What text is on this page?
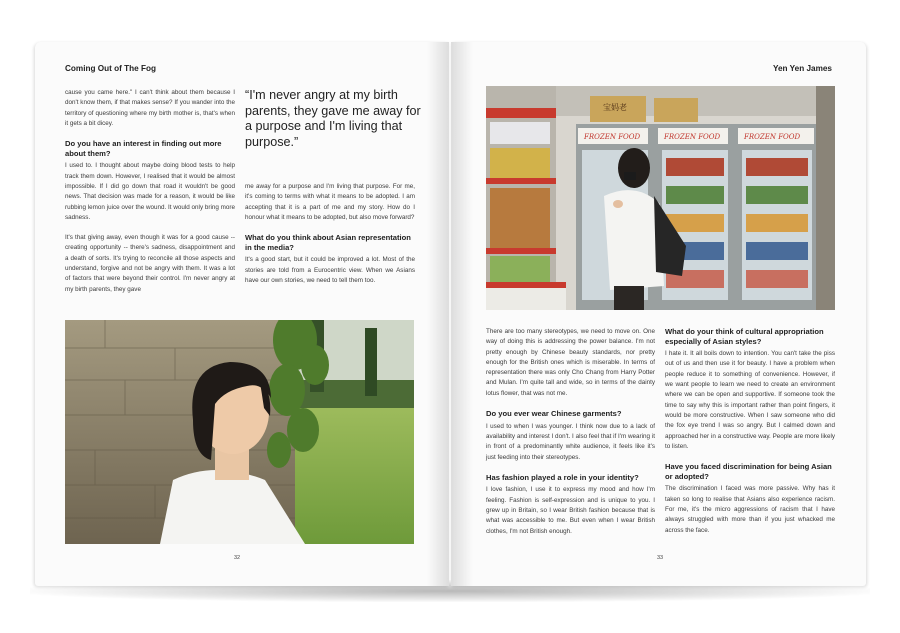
Coming Out of The Fog

cause you came here." I can't think about them because I don't know them, if that makes sense? If you wander into the territory of questioning where my birth mother is, that's when it gets a bit dicey.

Do you have an interest in finding out more about them?

I used to. I thought about maybe doing blood tests to help track them down. However, I realised that it would be almost impossible. If I did go down that road it wouldn't be good news. That decision was made for a reason, it would be like rubbing lemon juice over the wound. It would only bring more sadness.

It's that giving away, even though it was for a good cause -- creating opportunity -- there's sadness, disappointment and a death of sorts. It's trying to reconcile all those aspects and understand, forgive and not be angry with them. It was a lot of factors that were beyond their control. I'm never angry at my birth parents, they gave

“I'm never angry at my birth parents, they gave me away for a purpose and I'm living that purpose.”

me away for a purpose and I'm living that purpose. For me, it's coming to terms with what it means to be adopted. I am accepting that it is a part of me and my story. How do I honour what it means to be adopted, but also move forward?

What do you think about Asian representation in the media?

It's a good start, but it could be improved a lot. Most of the stories are told from a Eurocentric view. When we Asians have our own stories, we need to tell them too.

32
Yen Yen James
宝妈老
FROZEN FOOD	FROZEN FOOD	FROZEN FOOD

There are too many stereotypes, we need to move on. One way of doing this is addressing the power balance. I'm not pretty enough by Chinese beauty standards, nor pretty enough for the British ones which is miserable. In terms of representation there was only Cho Chang from Harry Potter and Mulan. I'm quite tall and wide, so in terms of the dainty lotus flower, that was not me.

Do you ever wear Chinese garments?

I used to when I was younger. I think now due to a lack of availability and interest I don't. I also feel that if I'm wearing it in front of a predominantly white audience, it feels like it's just feeding into their stereotypes.

Has fashion played a role in your identity?

I love fashion, I use it to express my mood and how I'm feeling. Fashion is self-expression and is unique to you. I grew up in Britain, so I wear British fashion because that is what was accessible to me. But even when I wear British clothes, I'm not British enough.

What do your think of cultural appropriation especially of Asian styles?

I hate it. It all boils down to intention. You can't take the piss out of us and then use it for beauty. I have a problem when people reduce it to something of convenience. However, if we want people to learn we need to create an environment where we can be open and supportive. If someone took the time to say why this is important rather than point fingers, it would be more constructive. When I saw someone who did the fox eye trend I was so angry. But I calmed down and approached her in a constructive way. People are more likely to listen.

Have you faced discrimination for being Asian or adopted?

The discrimination I faced was more passive. Why has it taken so long to realise that Asians also experience racism. For me, it's the micro aggressions of racism that I have always struggled with more than if you just whacked me across the face.

33
